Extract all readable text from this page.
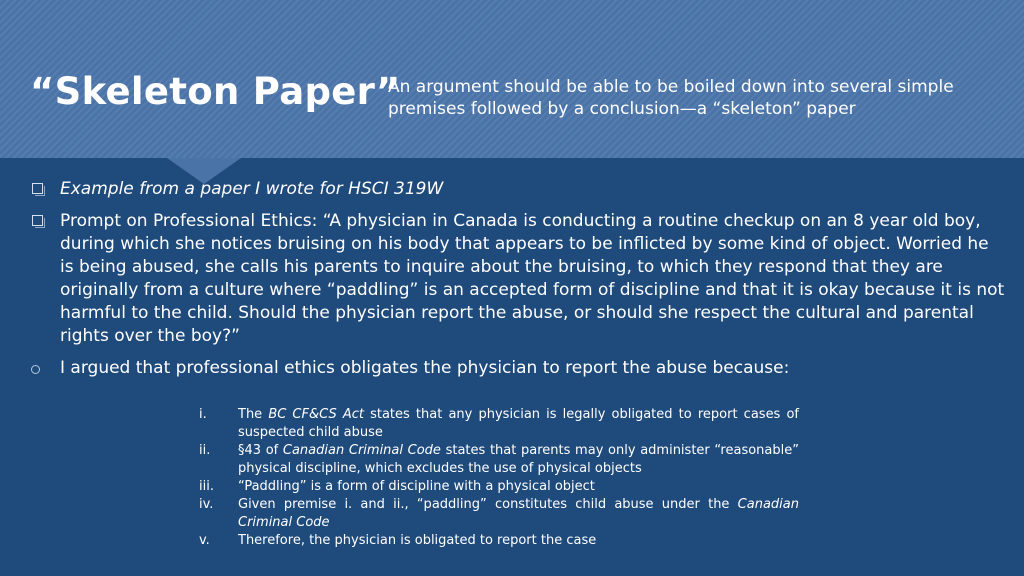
“Skeleton Paper”
An argument should be able to be boiled down into several simple premises followed by a conclusion—a “skeleton” paper
Example from a paper I wrote for HSCI 319W
Prompt on Professional Ethics: “A physician in Canada is conducting a routine checkup on an 8 year old boy, during which she notices bruising on his body that appears to be inflicted by some kind of object. Worried he is being abused, she calls his parents to inquire about the bruising, to which they respond that they are originally from a culture where “paddling” is an accepted form of discipline and that it is okay because it is not harmful to the child. Should the physician report the abuse, or should she respect the cultural and parental rights over the boy?”
I argued that professional ethics obligates the physician to report the abuse because:
i. The BC CF&CS Act states that any physician is legally obligated to report cases of suspected child abuse
ii. §43 of Canadian Criminal Code states that parents may only administer “reasonable” physical discipline, which excludes the use of physical objects
iii. “Paddling” is a form of discipline with a physical object
iv. Given premise i. and ii., “paddling” constitutes child abuse under the Canadian Criminal Code
v. Therefore, the physician is obligated to report the case
